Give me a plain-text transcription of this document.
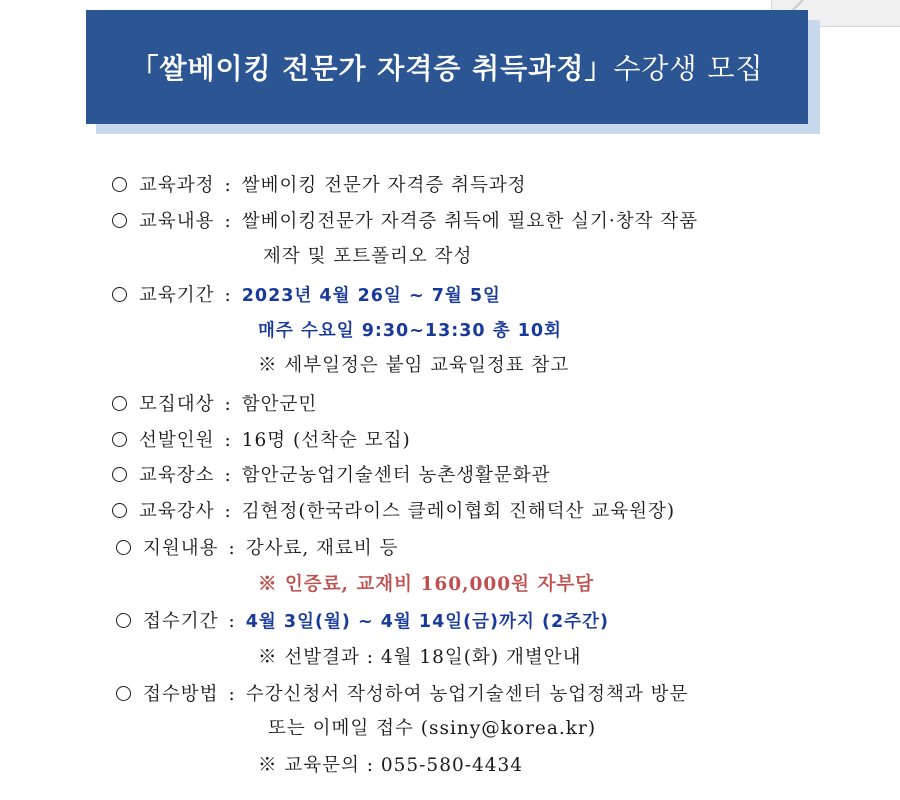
「쌀베이킹 전문가 자격증 취득과정」 수강생 모집
교육과정 : 쌀베이킹 전문가 자격증 취득과정
교육내용 : 쌀베이킹전문가 자격증 취득에 필요한 실기·창작 작품
제작 및 포트폴리오 작성
교육기간 : 2023년 4월 26일 ~ 7월 5일
매주 수요일 9:30~13:30 총 10회
※ 세부일정은 붙임 교육일정표 참고
모집대상 : 함안군민
선발인원 : 16명 (선착순 모집)
교육장소 : 함안군농업기술센터 농촌생활문화관
교육강사 : 김현정(한국라이스 클레이협회 진해덕산 교육원장)
지원내용 : 강사료, 재료비 등
※ 인증료, 교재비 160,000원 자부담
접수기간 : 4월 3일(월) ~ 4월 14일(금)까지 (2주간)
※ 선발결과 : 4월 18일(화) 개별안내
접수방법 : 수강신청서 작성하여 농업기술센터 농업정책과 방문
또는 이메일 접수 (ssiny@korea.kr)
※ 교육문의 : 055-580-4434
